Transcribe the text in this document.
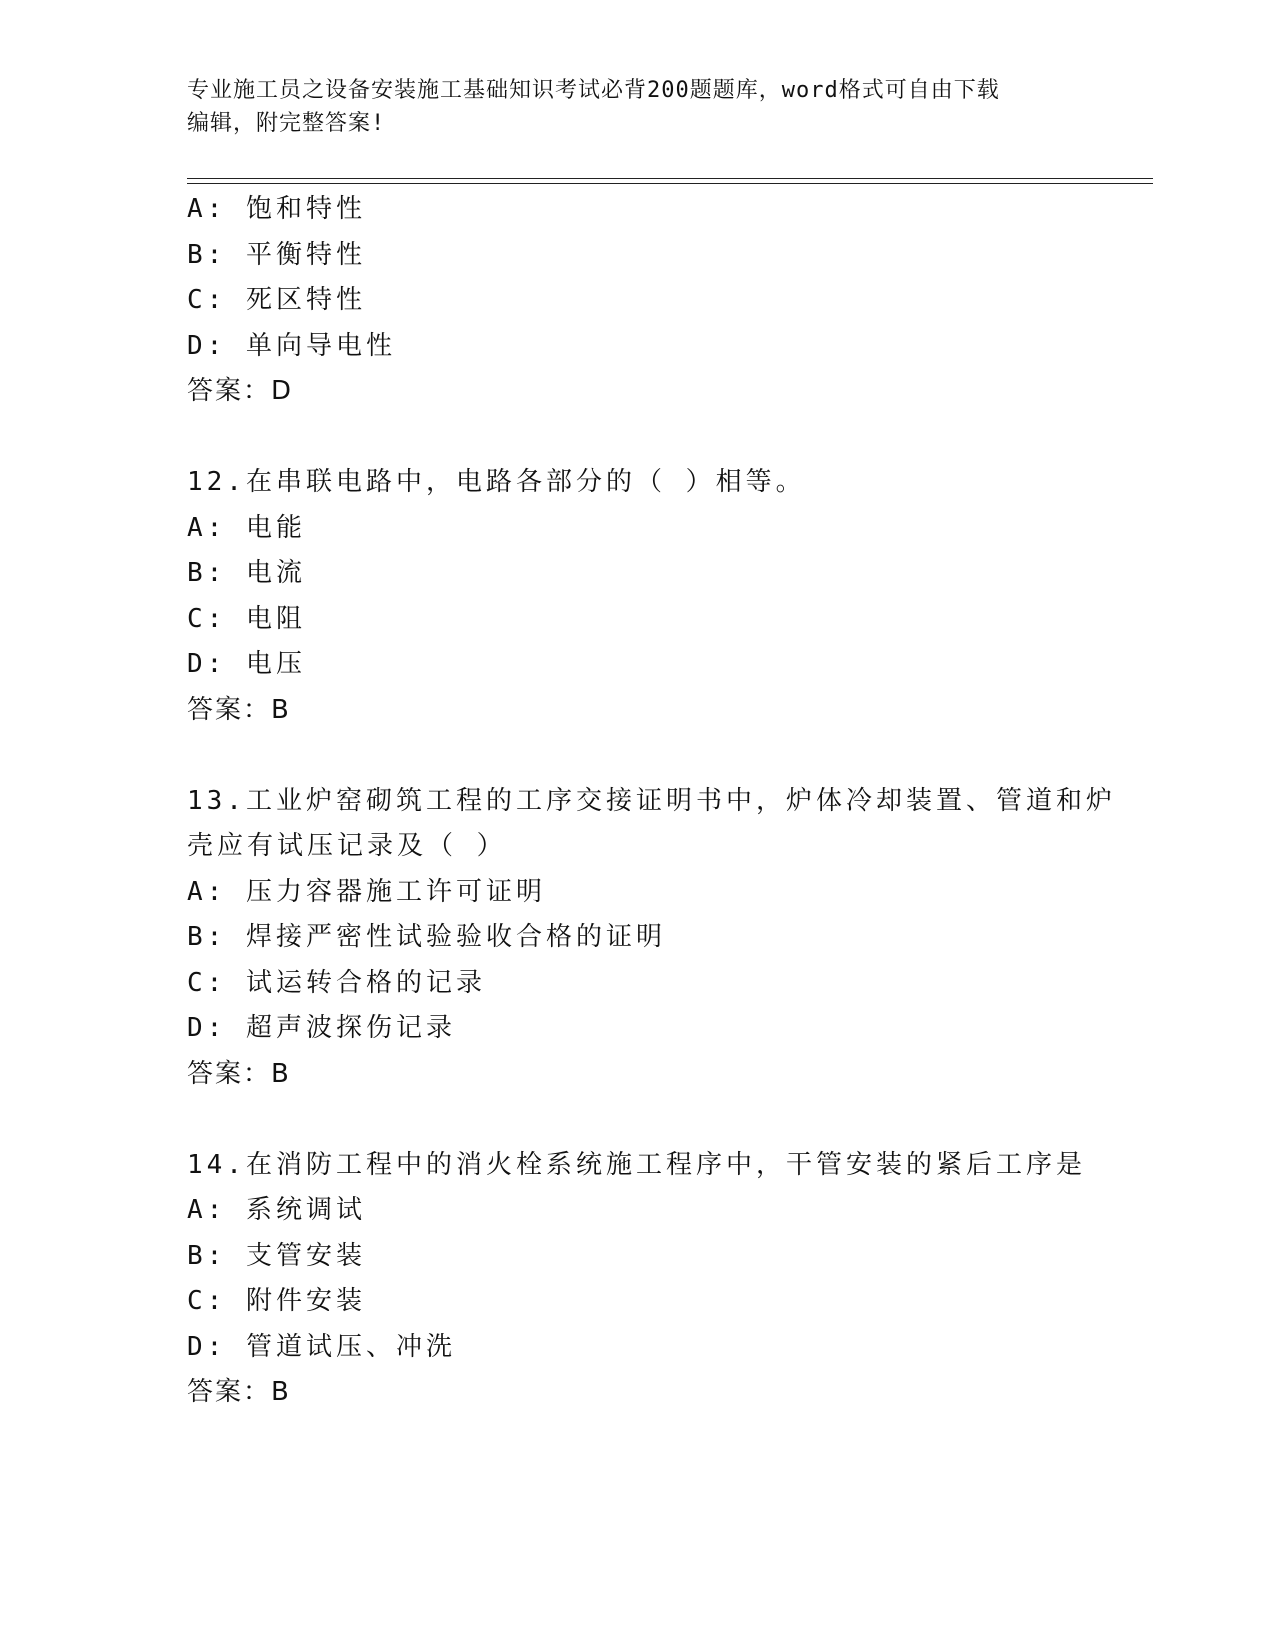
专业施工员之设备安装施工基础知识考试必背200题题库，word格式可自由下载
编辑，附完整答案!
A: 饱和特性
B: 平衡特性
C: 死区特性
D: 单向导电性
答案：D
12.在串联电路中，电路各部分的（ ）相等。
A: 电能
B: 电流
C: 电阻
D: 电压
答案：B
13.工业炉窑砌筑工程的工序交接证明书中，炉体冷却装置、管道和炉
壳应有试压记录及（ ）
A: 压力容器施工许可证明
B: 焊接严密性试验验收合格的证明
C: 试运转合格的记录
D: 超声波探伤记录
答案：B
14.在消防工程中的消火栓系统施工程序中，干管安装的紧后工序是
A: 系统调试
B: 支管安装
C: 附件安装
D: 管道试压、冲洗
答案：B
